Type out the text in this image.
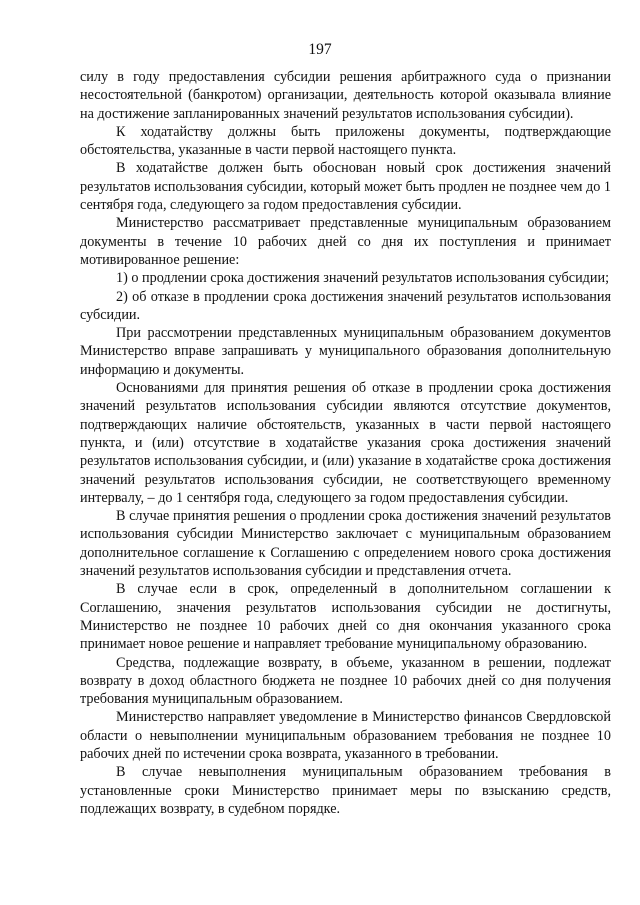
197

силу в году предоставления субсидии решения арбитражного суда о признании несостоятельной (банкротом) организации, деятельность которой оказывала влияние на достижение запланированных значений результатов использования субсидии).

К ходатайству должны быть приложены документы, подтверждающие обстоятельства, указанные в части первой настоящего пункта.

В ходатайстве должен быть обоснован новый срок достижения значений результатов использования субсидии, который может быть продлен не позднее чем до 1 сентября года, следующего за годом предоставления субсидии.

Министерство рассматривает представленные муниципальным образованием документы в течение 10 рабочих дней со дня их поступления и принимает мотивированное решение:

1) о продлении срока достижения значений результатов использования субсидии;

2) об отказе в продлении срока достижения значений результатов использования субсидии.

При рассмотрении представленных муниципальным образованием документов Министерство вправе запрашивать у муниципального образования дополнительную информацию и документы.

Основаниями для принятия решения об отказе в продлении срока достижения значений результатов использования субсидии являются отсутствие документов, подтверждающих наличие обстоятельств, указанных в части первой настоящего пункта, и (или) отсутствие в ходатайстве указания срока достижения значений результатов использования субсидии, и (или) указание в ходатайстве срока достижения значений результатов использования субсидии, не соответствующего временному интервалу, – до 1 сентября года, следующего за годом предоставления субсидии.

В случае принятия решения о продлении срока достижения значений результатов использования субсидии Министерство заключает с муниципальным образованием дополнительное соглашение к Соглашению с определением нового срока достижения значений результатов использования субсидии и представления отчета.

В случае если в срок, определенный в дополнительном соглашении к Соглашению, значения результатов использования субсидии не достигнуты, Министерство не позднее 10 рабочих дней со дня окончания указанного срока принимает новое решение и направляет требование муниципальному образованию.

Средства, подлежащие возврату, в объеме, указанном в решении, подлежат возврату в доход областного бюджета не позднее 10 рабочих дней со дня получения требования муниципальным образованием.

Министерство направляет уведомление в Министерство финансов Свердловской области о невыполнении муниципальным образованием требования не позднее 10 рабочих дней по истечении срока возврата, указанного в требовании.

В случае невыполнения муниципальным образованием требования в установленные сроки Министерство принимает меры по взысканию средств, подлежащих возврату, в судебном порядке.
